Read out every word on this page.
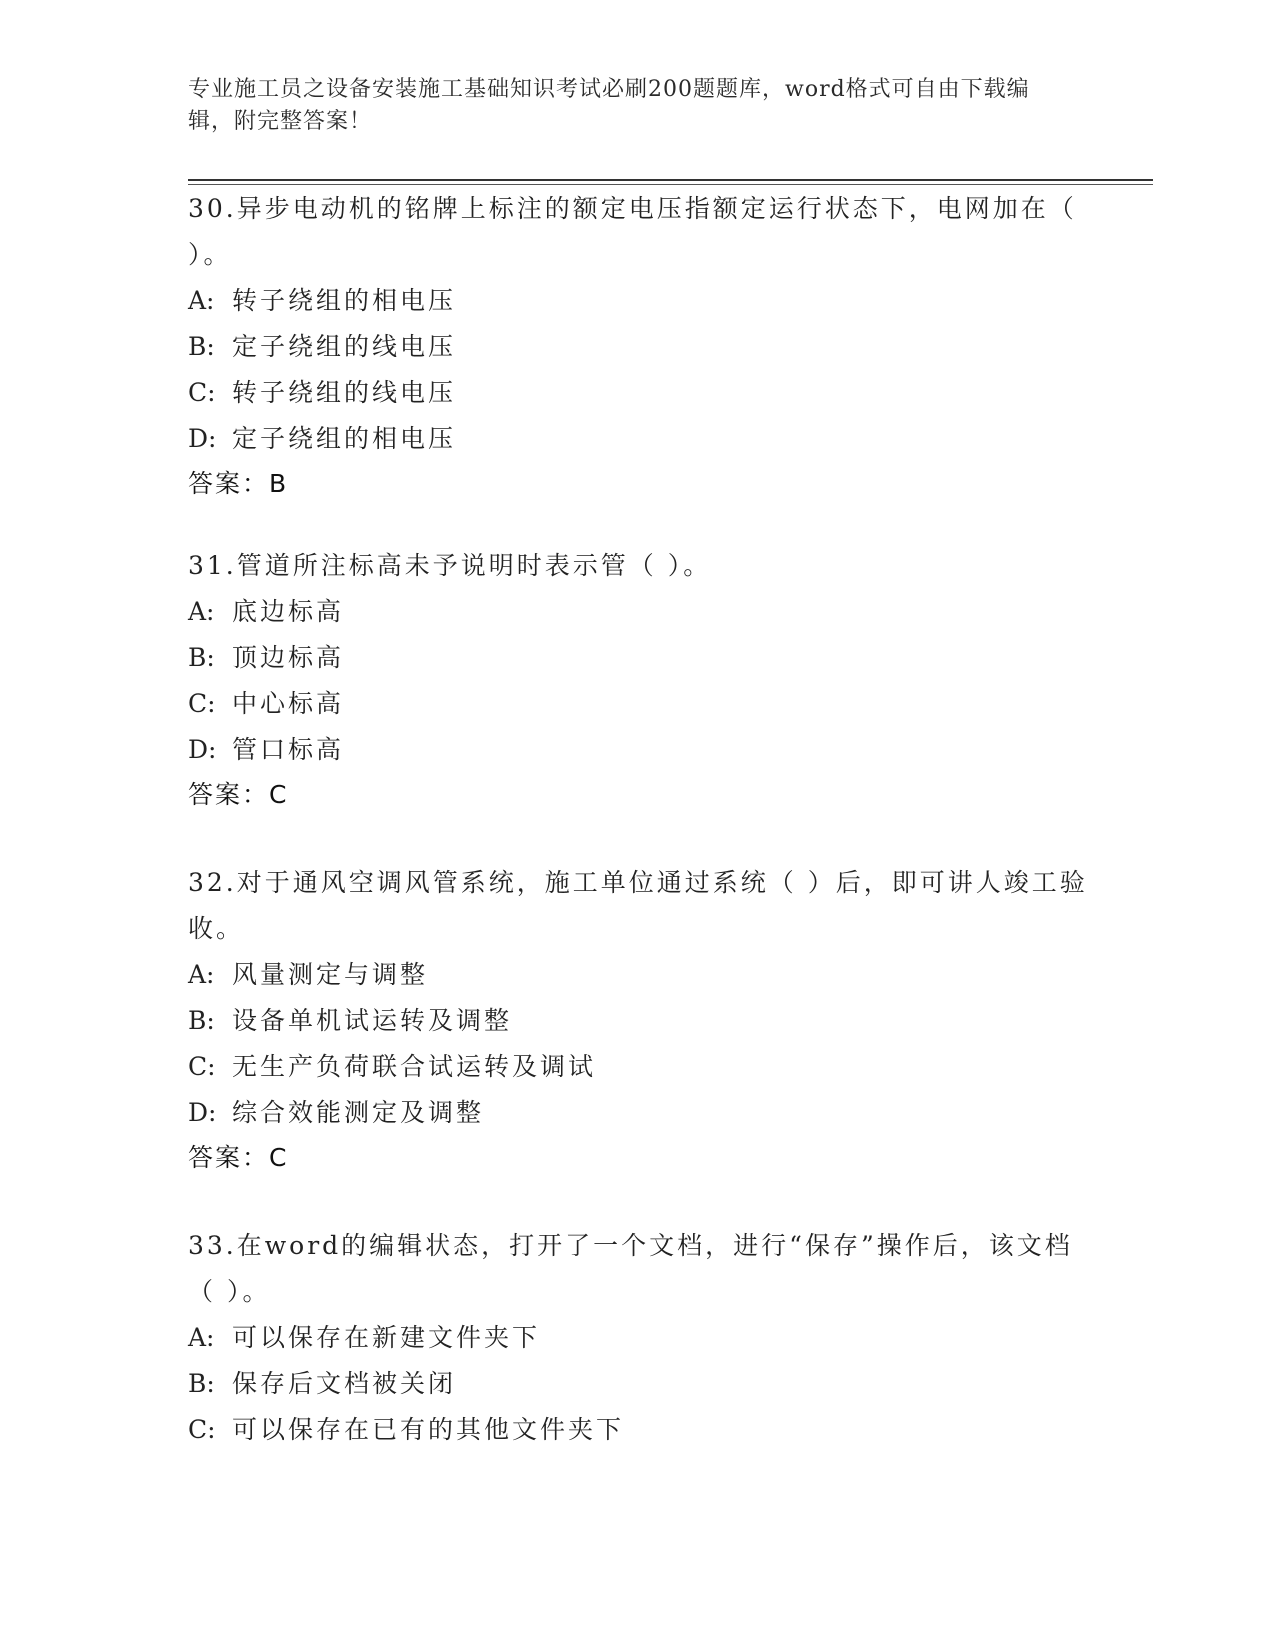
专业施工员之设备安装施工基础知识考试必刷200题题库，word格式可自由下载编辑，附完整答案！

30.异步电动机的铭牌上标注的额定电压指额定运行状态下，电网加在（ ）。

A: 转子绕组的相电压

B: 定子绕组的线电压

C: 转子绕组的线电压

D: 定子绕组的相电压

答案：B

31.管道所注标高未予说明时表示管（ ）。

A: 底边标高

B: 顶边标高

C: 中心标高

D: 管口标高

答案：C

32.对于通风空调风管系统，施工单位通过系统（ ）后，即可讲人竣工验收。

A: 风量测定与调整

B: 设备单机试运转及调整

C: 无生产负荷联合试运转及调试

D: 综合效能测定及调整

答案：C

33.在word的编辑状态，打开了一个文档，进行“保存”操作后，该文档（ ）。

A: 可以保存在新建文件夹下

B: 保存后文档被关闭

C: 可以保存在已有的其他文件夹下
